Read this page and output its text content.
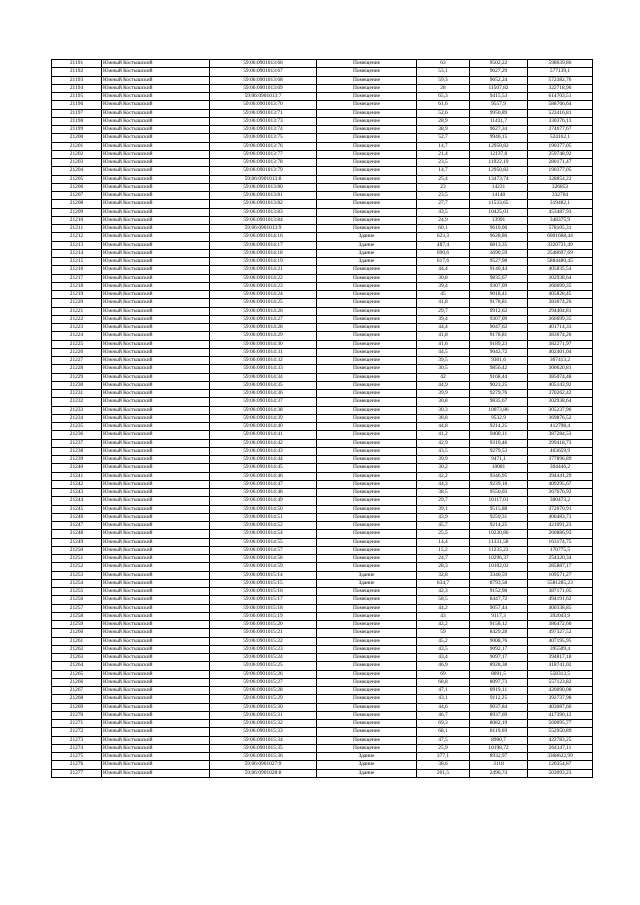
21191	Южный Костышский	59:06:0901013:66	Помещение	63	9502,22	598639,86
21192	Южный Костышский	59:06:0901013:67	Помещение	53,1	9027,29	577139,1
21193	Южный Костышский	59:06:0901013:68	Помещение	59,3	9652,24	572382,76
21194	Южный Костышский	59:06:0901013:69	Помещение	28	11507,82	322718,96
21195	Южный Костышский	59:06:0901013:7	Помещение	65,3	9415,53	614703,51
21196	Южный Костышский	59:06:0901013:70	Помещение	61,6	9557,9	588766,64
21197	Южный Костышский	59:06:0901013:71	Помещение	52,6	9950,89	523416,81
21198	Южный Костышский	59:06:0901013:73	Помещение	28,9	11431,7	330376,13
21199	Южный Костышский	59:06:0901013:74	Помещение	38,9	9627,34	374677,67
21200	Южный Костышский	59:06:0901013:75	Помещение	52,7	9946,15	524162,1
21201	Южный Костышский	59:06:0901013:76	Помещение	14,7	12950,82	190377,05
21202	Южный Костышский	59:06:0901013:77	Помещение	21,4	12137,8	259748,92
21203	Южный Костышский	59:06:0901013:78	Помещение	23,5	11922,19	280171,47
21204	Южный Костышский	59:06:0901013:79	Помещение	14,7	12950,82	190377,05
21205	Южный Костышский	59:06:0901013:8	Помещение	25,4	13473,74	328854,22
21206	Южный Костышский	59:06:0901013:80	Помещение	23	14231	326853
21207	Южный Костышский	59:06:0901013:81	Помещение	23,5	14140	332704
21208	Южный Костышский	59:06:0901013:82	Помещение	27,7	11533,65	319482,1
21209	Южный Костышский	59:06:0901013:83	Помещение	43,5	10425,01	453487,93
21210	Южный Костышский	59:06:0901013:84	Помещение	24,9	13991	348375,9
21211	Южный Костышский	59:06:0901013:9	Помещение	60,1	9619,06	578105,31
21212	Южный Костышский	59:06:0901014:16	Здание	623,3	9628,86	6001668,44
21213	Южный Костышский	59:06:0901014:17	Здание	487,4	6813,35	3320731,49
21214	Южный Костышский	59:06:0901014:18	Здание	690,6	3690,59	2548697,69
21215	Южный Костышский	59:06:0901014:19	Здание	617,6	9527,98	5884480,45
21216	Южный Костышский	59:06:0901014:21	Помещение	44,4	9140,44	405835,54
21217	Южный Костышский	59:06:0901014:22	Помещение	30,8	9835,67	302938,64
21218	Южный Костышский	59:06:0901014:23	Помещение	39,4	9307,09	366699,35
21219	Южный Костышский	59:06:0901014:24	Помещение	45	9018,41	405828,45
21220	Южный Костышский	59:06:0901014:25	Помещение	41,8	9178,81	383674,26
21221	Южный Костышский	59:06:0901014:26	Помещение	29,7	9912,62	294404,81
21222	Южный Костышский	59:06:0901014:27	Помещение	39,4	9307,09	366699,35
21223	Южный Костышский	59:06:0901014:28	Помещение	44,4	9047,62	401714,33
21224	Южный Костышский	59:06:0901014:29	Помещение	41,8	9178,81	383674,26
21225	Южный Костышский	59:06:0901014:30	Помещение	41,6	9189,23	382271,97
21226	Южный Костышский	59:06:0901014:31	Помещение	44,5	9042,72	402401,04
21227	Южный Костышский	59:06:0901014:32	Помещение	39,5	9301,6	367413,2
21228	Южный Костышский	59:06:0901014:33	Помещение	30,5	9856,42	300620,81
21229	Южный Костышский	59:06:0901014:34	Помещение	42	9168,44	385074,48
21230	Южный Костышский	59:06:0901014:35	Помещение	44,9	9023,25	405143,92
21231	Южный Костышский	59:06:0901014:36	Помещение	39,9	9279,76	370262,42
21232	Южный Костышский	59:06:0901014:37	Помещение	30,8	9835,67	302938,64
21233	Южный Костышский	59:06:0901014:38	Помещение	30,3	10073,86	305237,96
21234	Южный Костышский	59:06:0901014:39	Помещение	38,8	9532,9	369876,52
21235	Южный Костышский	59:06:0901014:40	Помещение	44,8	9214,25	412798,4
21236	Южный Костышский	59:06:0901014:41	Помещение	41,2	9400,11	387284,53
21237	Южный Костышский	59:06:0901014:42	Помещение	42,9	9310,46	399418,73
21238	Южный Костышский	59:06:0901014:43	Помещение	43,5	9279,53	403659,9
21239	Южный Костышский	59:06:0901014:44	Помещение	39,9	9471,1	377896,89
21240	Южный Костышский	59:06:0901014:45	Помещение	30,2	10081	304446,2
21241	Южный Костышский	59:06:0901014:46	Помещение	42,2	9346,95	394441,29
21242	Южный Костышский	59:06:0901014:47	Помещение	44,3	9239,18	409295,67
21243	Южный Костышский	59:06:0901014:48	Помещение	38,5	9550,03	367676,92
21244	Южный Костышский	59:06:0901014:49	Помещение	29,7	10117,01	300473,2
21245	Южный Костышский	59:06:0901014:50	Помещение	39,1	9515,88	372070,91
21246	Южный Костышский	59:06:0901014:51	Помещение	43,9	9259,31	406483,71
21247	Южный Костышский	59:06:0901014:52	Помещение	45,7	9214,25	421091,23
21248	Южный Костышский	59:06:0901014:54	Помещение	25,5	10230,86	260886,93
21249	Южный Костышский	59:06:0901014:55	Помещение	14,4	11331,58	163174,75
21250	Южный Костышский	59:06:0901014:57	Помещение	15,2	11235,23	170775,5
21251	Южный Костышский	59:06:0901014:58	Помещение	24,7	10296,37	254320,34
21252	Южный Костышский	59:06:0901014:59	Помещение	28,3	10102,02	285887,17
21253	Южный Костышский	59:06:0901015:14	Здание	32,8	3340,59	109571,27
21254	Южный Костышский	59:06:0901015:15	Здание	634,7	8793,58	5581285,23
21255	Южный Костышский	59:06:0901015:16	Помещение	42,3	9152,98	387171,05
21256	Южный Костышский	59:06:0901015:17	Помещение	58,5	8447,72	494191,62
21257	Южный Костышский	59:06:0901015:18	Помещение	44,2	9057,44	400338,85
21258	Южный Костышский	59:06:0901015:19	Помещение	43	9117,3	392043,9
21259	Южный Костышский	59:06:0901015:20	Помещение	42,2	9158,12	386472,66
21260	Южный Костышский	59:06:0901015:21	Помещение	59	8429,28	497327,52
21261	Южный Костышский	59:06:0901015:22	Помещение	45,2	9008,76	407195,95
21262	Южный Костышский	59:06:0901015:23	Помещение	43,5	9092,17	395509,4
21263	Южный Костышский	59:06:0901015:24	Помещение	43,4	9097,17	394817,18
21264	Южный Костышский	59:06:0901015:25	Помещение	46,9	8928,38	418741,02
21265	Южный Костышский	59:06:0901015:26	Помещение	69	8091,5	558313,5
21266	Южный Костышский	59:06:0901015:27	Помещение	68,8	8097,73	557123,82
21267	Южный Костышский	59:06:0901015:28	Помещение	47,1	8919,11	420090,08
21268	Южный Костышский	59:06:0901015:29	Помещение	43,1	9112,25	392737,98
21269	Южный Костышский	59:06:0901015:30	Помещение	44,6	9037,84	403087,66
21270	Южный Костышский	59:06:0901015:31	Помещение	46,7	8937,69	417390,12
21271	Южный Костышский	59:06:0901015:32	Помещение	69,3	8082,19	560095,77
21272	Южный Костышский	59:06:0901015:33	Помещение	68,1	8119,69	552950,89
21273	Южный Костышский	59:06:0901015:34	Помещение	47,5	8900,7	422783,25
21274	Южный Костышский	59:06:0901015:35	Помещение	25,9	10198,72	264147,11
21275	Южный Костышский	59:06:0901015:36	Здание	377,1	8932,97	3368622,99
21276	Южный Костышский	59:06:0901027:9	Здание	38,6	3118	120354,87
21277	Южный Костышский	59:06:0901028:8	Здание	201,5	2496,74	503093,23
